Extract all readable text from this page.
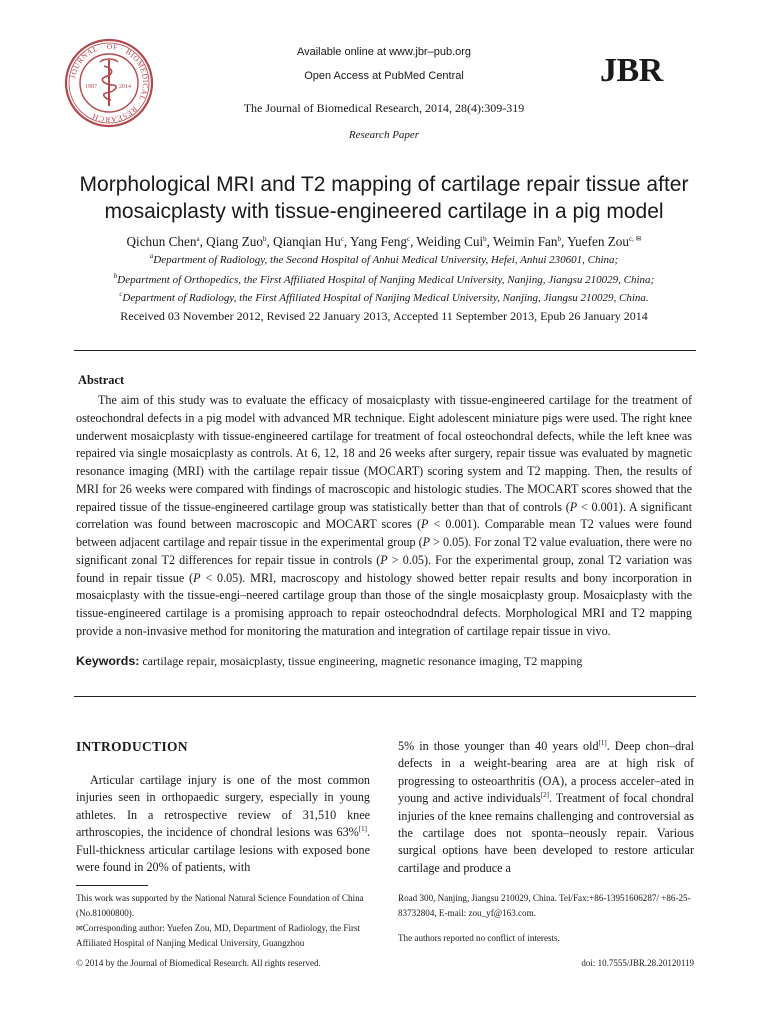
JOURNAL · OF · BIOMEDICAL · RESEARCH
1987	2014
Available online at www.jbr–pub.org
Open Access at PubMed Central
The Journal of Biomedical Research, 2014, 28(4):309-319
Research Paper
JBR
Morphological MRI and T2 mapping of cartilage repair tissue after mosaicplasty with tissue-engineered cartilage in a pig model
Qichun Chen$^a$, Qiang Zuo$^b$, Qianqian Hu$^c$, Yang Feng$^c$, Weiding Cui$^b$, Weimin Fan$^b$, Yuefen Zou$^{c, ✉}$
$^a$Department of Radiology, the Second Hospital of Anhui Medical University, Hefei, Anhui 230601, China;
$^b$Department of Orthopedics, the First Affiliated Hospital of Nanjing Medical University, Nanjing, Jiangsu 210029, China;
$^c$Department of Radiology, the First Affiliated Hospital of Nanjing Medical University, Nanjing, Jiangsu 210029, China.
Received 03 November 2012, Revised 22 January 2013, Accepted 11 September 2013, Epub 26 January 2014
Abstract
The aim of this study was to evaluate the efficacy of mosaicplasty with tissue-engineered cartilage for the treatment of osteochondral defects in a pig model with advanced MR technique. Eight adolescent miniature pigs were used. The right knee underwent mosaicplasty with tissue-engineered cartilage for treatment of focal osteochondral defects, while the left knee was repaired via single mosaicplasty as controls. At 6, 12, 18 and 26 weeks after surgery, repair tissue was evaluated by magnetic resonance imaging (MRI) with the cartilage repair tissue (MOCART) scoring system and T2 mapping. Then, the results of MRI for 26 weeks were compared with findings of macroscopic and histologic studies. The MOCART scores showed that the repaired tissue of the tissue-engineered cartilage group was statistically better than that of controls (P < 0.001). A significant correlation was found between macroscopic and MOCART scores (P < 0.001). Comparable mean T2 values were found between adjacent cartilage and repair tissue in the experimental group (P > 0.05). For zonal T2 value evaluation, there were no significant zonal T2 differences for repair tissue in controls (P > 0.05). For the experimental group, zonal T2 variation was found in repair tissue (P < 0.05). MRI, macroscopy and histology showed better repair results and bony incorporation in mosaicplasty with the tissue-engi–neered cartilage group than those of the single mosaicplasty group. Mosaicplasty with the tissue-engineered cartilage is a promising approach to repair osteochodndral defects. Morphological MRI and T2 mapping provide a non-invasive method for monitoring the maturation and integration of cartilage repair tissue in vivo.
Keywords: cartilage repair, mosaicplasty, tissue engineering, magnetic resonance imaging, T2 mapping
INTRODUCTION
Articular cartilage injury is one of the most common injuries seen in orthopaedic surgery, especially in young athletes. In a retrospective review of 31,510 knee arthroscopies, the incidence of chondral lesions was 63%[1]. Full-thickness articular cartilage lesions with exposed bone were found in 20% of patients, with
5% in those younger than 40 years old[1]. Deep chon–dral defects in a weight-bearing area are at high risk of progressing to osteoarthritis (OA), a process acceler–ated in young and active individuals[2]. Treatment of focal chondral injuries of the knee remains challenging and controversial as the cartilage does not sponta–neously repair. Various surgical options have been developed to restore articular cartilage and produce a
This work was supported by the National Natural Science Foundation of China (No.81000800).
✉Corresponding author: Yuefen Zou, MD, Department of Radiology, the First Affiliated Hospital of Nanjing Medical University, Guangzhou
Road 300, Nanjing, Jiangsu 210029, China. Tel/Fax:+86-13951606287/ +86-25-83732804, E-mail: zou_yf@163.com.
The authors reported no conflict of interests.
© 2014 by the Journal of Biomedical Research. All rights reserved.	doi: 10.7555/JBR.28.20120119
